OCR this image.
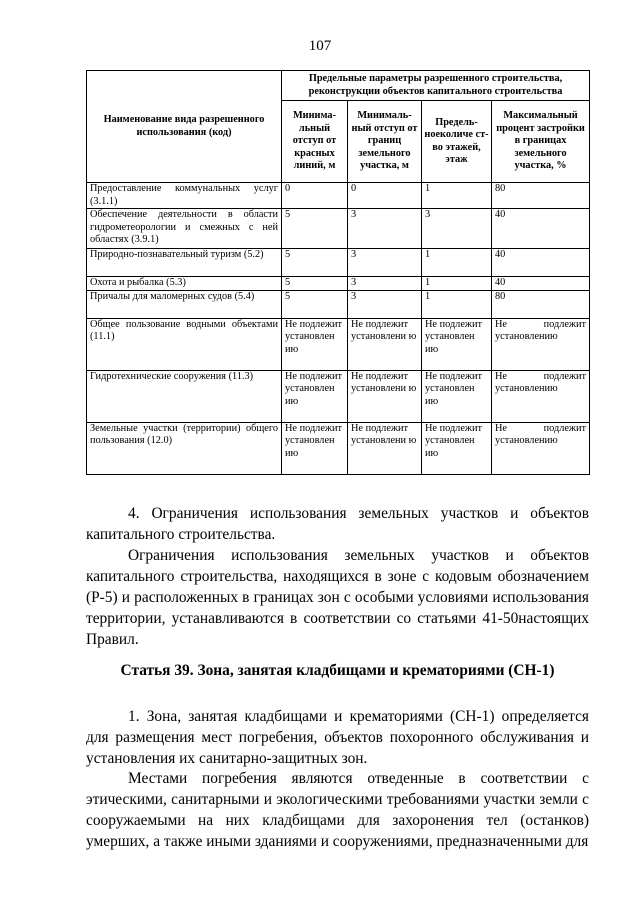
107
Наименование вида разрешенного использования (код)	Предельные параметры разрешенного строительства, реконструкции объектов капитального строительства			
	Минима-льный отступ от красных линий, м	Минималь-ный отступ от границ земельного участка, м	Предель-ноеколиче ст-во этажей, этаж	Максимальный процент застройки в границах земельного участка, %
Предоставление коммунальных услуг (3.1.1)	0	0	1	80
Обеспечение деятельности в области гидрометеорологии и смежных с ней областях (3.9.1)	5	3	3	40
Природно-познавательный туризм (5.2)	5	3	1	40
Охота и рыбалка (5.3)	5	3	1	40
Причалы для маломерных судов (5.4)	5	3	1	80
Общее пользование водными объектами (11.1)	Не подлежит установлен ию	Не подлежит установлени ю	Не подлежит установлен ию	Не подлежит установлению
Гидротехнические сооружения (11.3)	Не подлежит установлен ию	Не подлежит установлени ю	Не подлежит установлен ию	Не подлежит установлению
Земельные участки (территории) общего пользования (12.0)	Не подлежит установлен ию	Не подлежит установлени ю	Не подлежит установлен ию	Не подлежит установлению

4. Ограничения использования земельных участков и объектов капитального строительства.

Ограничения использования земельных участков и объектов капитального строительства, находящихся в зоне с кодовым обозначением (Р-5) и расположенных в границах зон с особыми условиями использования территории, устанавливаются в соответствии со статьями 41-50настоящих Правил.

Статья 39. Зона, занятая кладбищами и крематориями (СН-1)

1. Зона, занятая кладбищами и крематориями (СН-1) определяется для размещения мест погребения, объектов похоронного обслуживания и установления их санитарно-защитных зон.

Местами погребения являются отведенные в соответствии с этическими, санитарными и экологическими требованиями участки земли с сооружаемыми на них кладбищами для захоронения тел (останков) умерших, а также иными зданиями и сооружениями, предназначенными для
